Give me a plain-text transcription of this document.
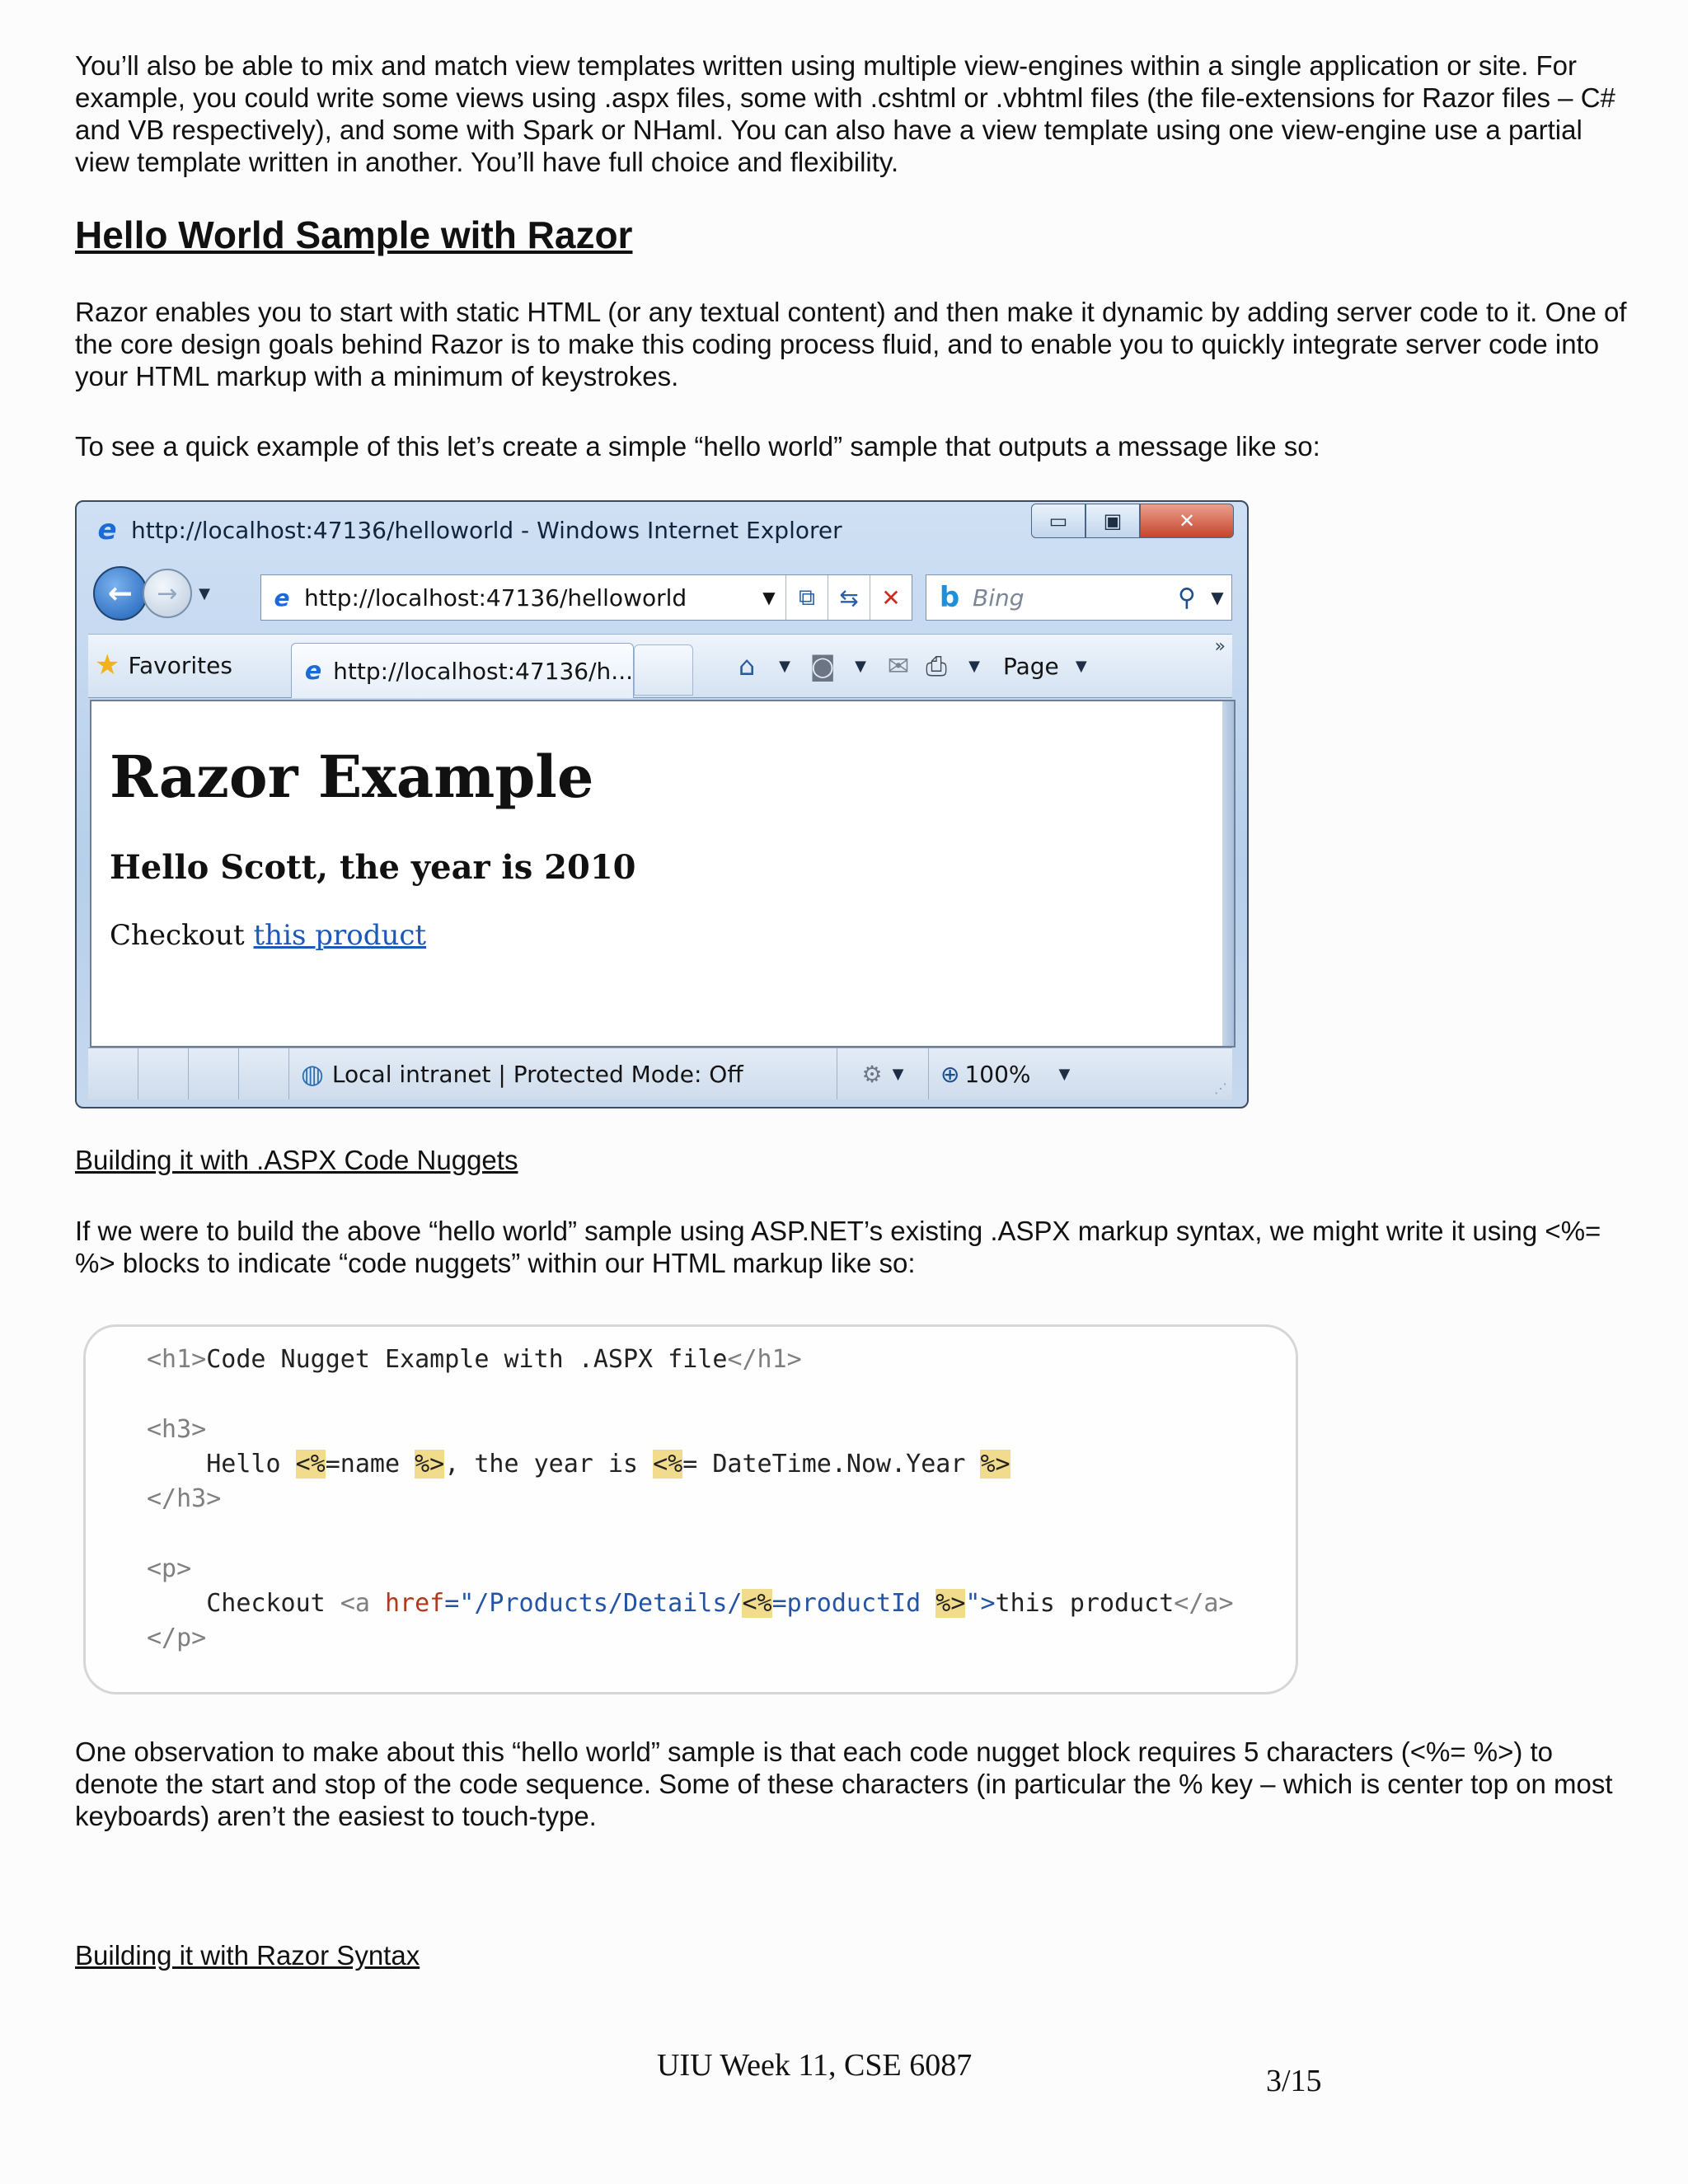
You’ll also be able to mix and match view templates written using multiple view-engines within a single application or site. For example, you could write some views using .aspx files, some with .cshtml or .vbhtml files (the file-extensions for Razor files – C# and VB respectively), and some with Spark or NHaml. You can also have a view template using one view-engine use a partial view template written in another. You’ll have full choice and flexibility.

Hello World Sample with Razor

Razor enables you to start with static HTML (or any textual content) and then make it dynamic by adding server code to it. One of the core design goals behind Razor is to make this coding process fluid, and to enable you to quickly integrate server code into your HTML markup with a minimum of keystrokes.

To see a quick example of this let’s create a simple “hello world” sample that outputs a message like so:

e http://localhost:47136/helloworld - Windows Internet Explorer	▭	▣	✕
← →	▼	e http://localhost:47136/helloworld	▼	⧉	⇆ ✕	b Bing	⚲ ▼
★ Favorites	e http://localhost:47136/h...	⌂	▼ ◙	▼ ✉ ⎙	▼	Page	▼
»
Razor Example
Hello Scott, the year is 2010

Checkout this product

◍ Local intranet | Protected Mode: Off	⚙ ▼ ⊕ 100% ▼
⋰

Building it with .ASPX Code Nuggets

If we were to build the above “hello world” sample using ASP.NET’s existing .ASPX markup syntax, we might write it using <%= %> blocks to indicate “code nuggets” within our HTML markup like so:

<h1>Code Nugget Example with .ASPX file</h1>
<h3>
Hello <%=name %>, the year is <%= DateTime.Now.Year %>
</h3>
<p>
Checkout <a href="/Products/Details/<%=productId %>">this product</a>
</p>

One observation to make about this “hello world” sample is that each code nugget block requires 5 characters (<%= %>) to denote the start and stop of the code sequence. Some of these characters (in particular the % key – which is center top on most keyboards) aren’t the easiest to touch-type.

Building it with Razor Syntax

UIU Week 11, CSE 6087	3/15
